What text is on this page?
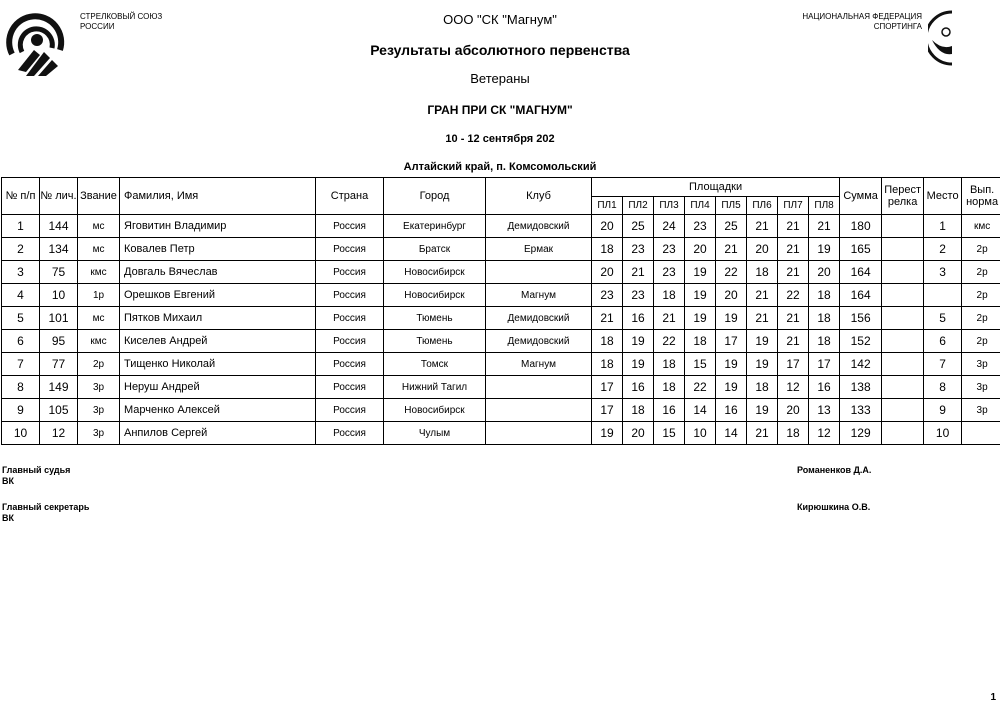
СТРЕЛКОВЫЙ СОЮЗ
РОССИИ
НАЦИОНАЛЬНАЯ ФЕДЕРАЦИЯ
СПОРТИНГА
ООО "СК "Магнум"
Результаты абсолютного первенства
Ветераны
ГРАН ПРИ СК "МАГНУМ"
10 - 12 сентября 202
Алтайский край, п. Комсомольский
№ п/п	№ лич.	Звание	Фамилия, Имя	Страна	Город	Клуб	Площадки								Сумма	Перестрелка	Место	Вып. норма
							ПЛ1	ПЛ2	ПЛ3	ПЛ4	ПЛ5	ПЛ6	ПЛ7	ПЛ8				
1	144	мс	Яговитин Владимир	Россия	Екатеринбург	Демидовский	20	25	24	23	25	21	21	21	180		1	кмс
2	134	мс	Ковалев Петр	Россия	Братск	Ермак	18	23	23	20	21	20	21	19	165		2	2р
3	75	кмс	Довгаль Вячеслав	Россия	Новосибирск		20	21	23	19	22	18	21	20	164		3	2р
4	10	1р	Орешков Евгений	Россия	Новосибирск	Магнум	23	23	18	19	20	21	22	18	164			2р
5	101	мс	Пятков Михаил	Россия	Тюмень	Демидовский	21	16	21	19	19	21	21	18	156		5	2р
6	95	кмс	Киселев Андрей	Россия	Тюмень	Демидовский	18	19	22	18	17	19	21	18	152		6	2р
7	77	2р	Тищенко Николай	Россия	Томск	Магнум	18	19	18	15	19	19	17	17	142		7	3р
8	149	3р	Неруш Андрей	Россия	Нижний Тагил		17	16	18	22	19	18	12	16	138		8	3р
9	105	3р	Марченко Алексей	Россия	Новосибирск		17	18	16	14	16	19	20	13	133		9	3р
10	12	3р	Анпилов Сергей	Россия	Чулым		19	20	15	10	14	21	18	12	129		10	
Главный судья
ВК
Романенков Д.А.
Главный секретарь
ВК
Кирюшкина О.В.
1
